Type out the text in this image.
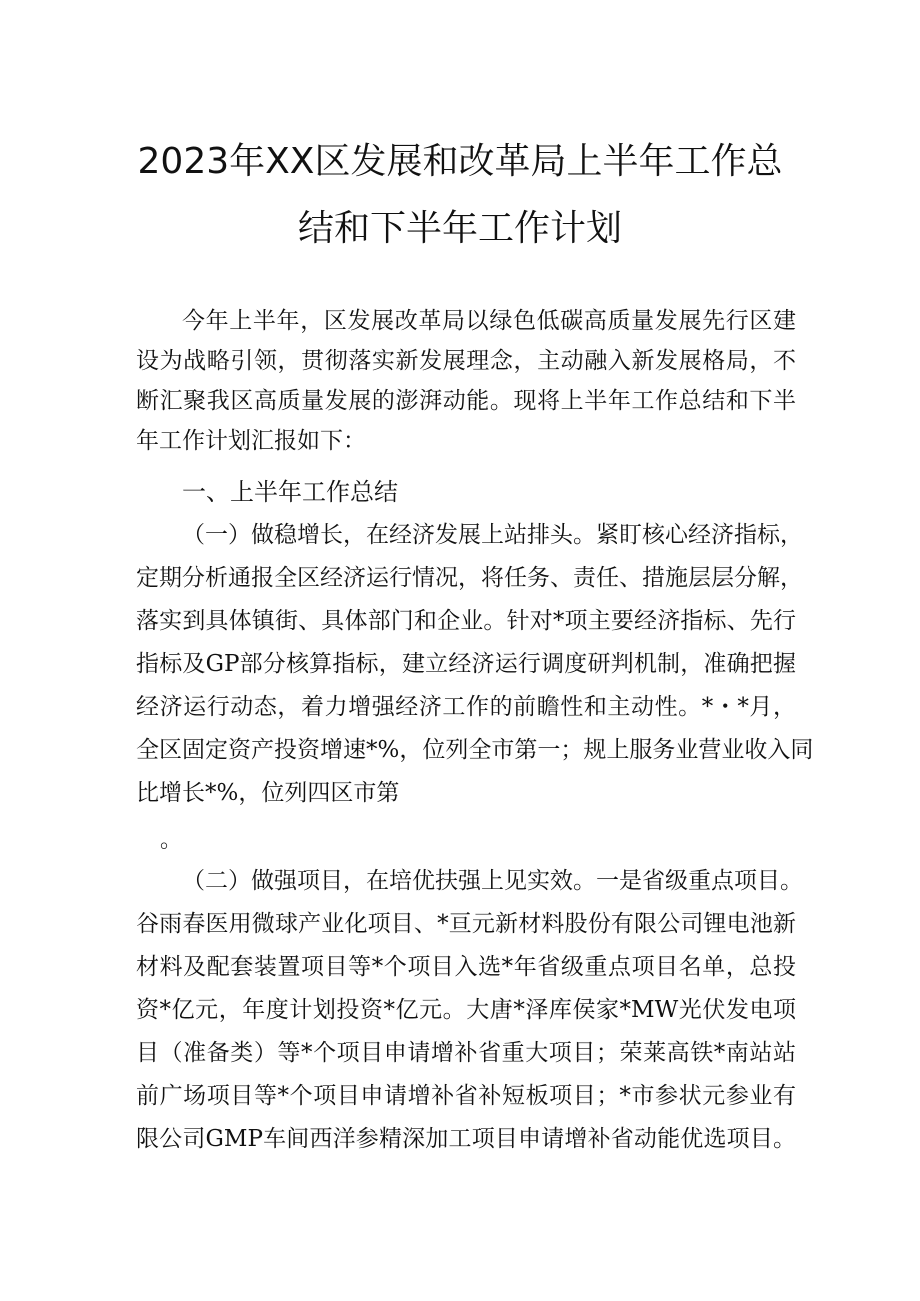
2023年XX区发展和改革局上半年工作总
结和下半年工作计划
今年上半年，区发展改革局以绿色低碳高质量发展先行区建
设为战略引领，贯彻落实新发展理念，主动融入新发展格局，不
断汇聚我区高质量发展的澎湃动能。现将上半年工作总结和下半
年工作计划汇报如下：
一、上半年工作总结
（一）做稳增长，在经济发展上站排头。紧盯核心经济指标，
定期分析通报全区经济运行情况，将任务、责任、措施层层分解，
落实到具体镇街、具体部门和企业。针对*项主要经济指标、先行
指标及GP部分核算指标，建立经济运行调度研判机制，准确把握
经济运行动态，着力增强经济工作的前瞻性和主动性。*・*月，
全区固定资产投资增速*%，位列全市第一；规上服务业营业收入同
比增长*%，位列四区市第
。
（二）做强项目，在培优扶强上见实效。一是省级重点项目。
谷雨春医用微球产业化项目、*亘元新材料股份有限公司锂电池新
材料及配套装置项目等*个项目入选*年省级重点项目名单，总投
资*亿元，年度计划投资*亿元。大唐*泽库侯家*MW光伏发电项
目（准备类）等*个项目申请增补省重大项目；荣莱高铁*南站站
前广场项目等*个项目申请增补省补短板项目；*市参状元参业有
限公司GMP车间西洋参精深加工项目申请增补省动能优选项目。
